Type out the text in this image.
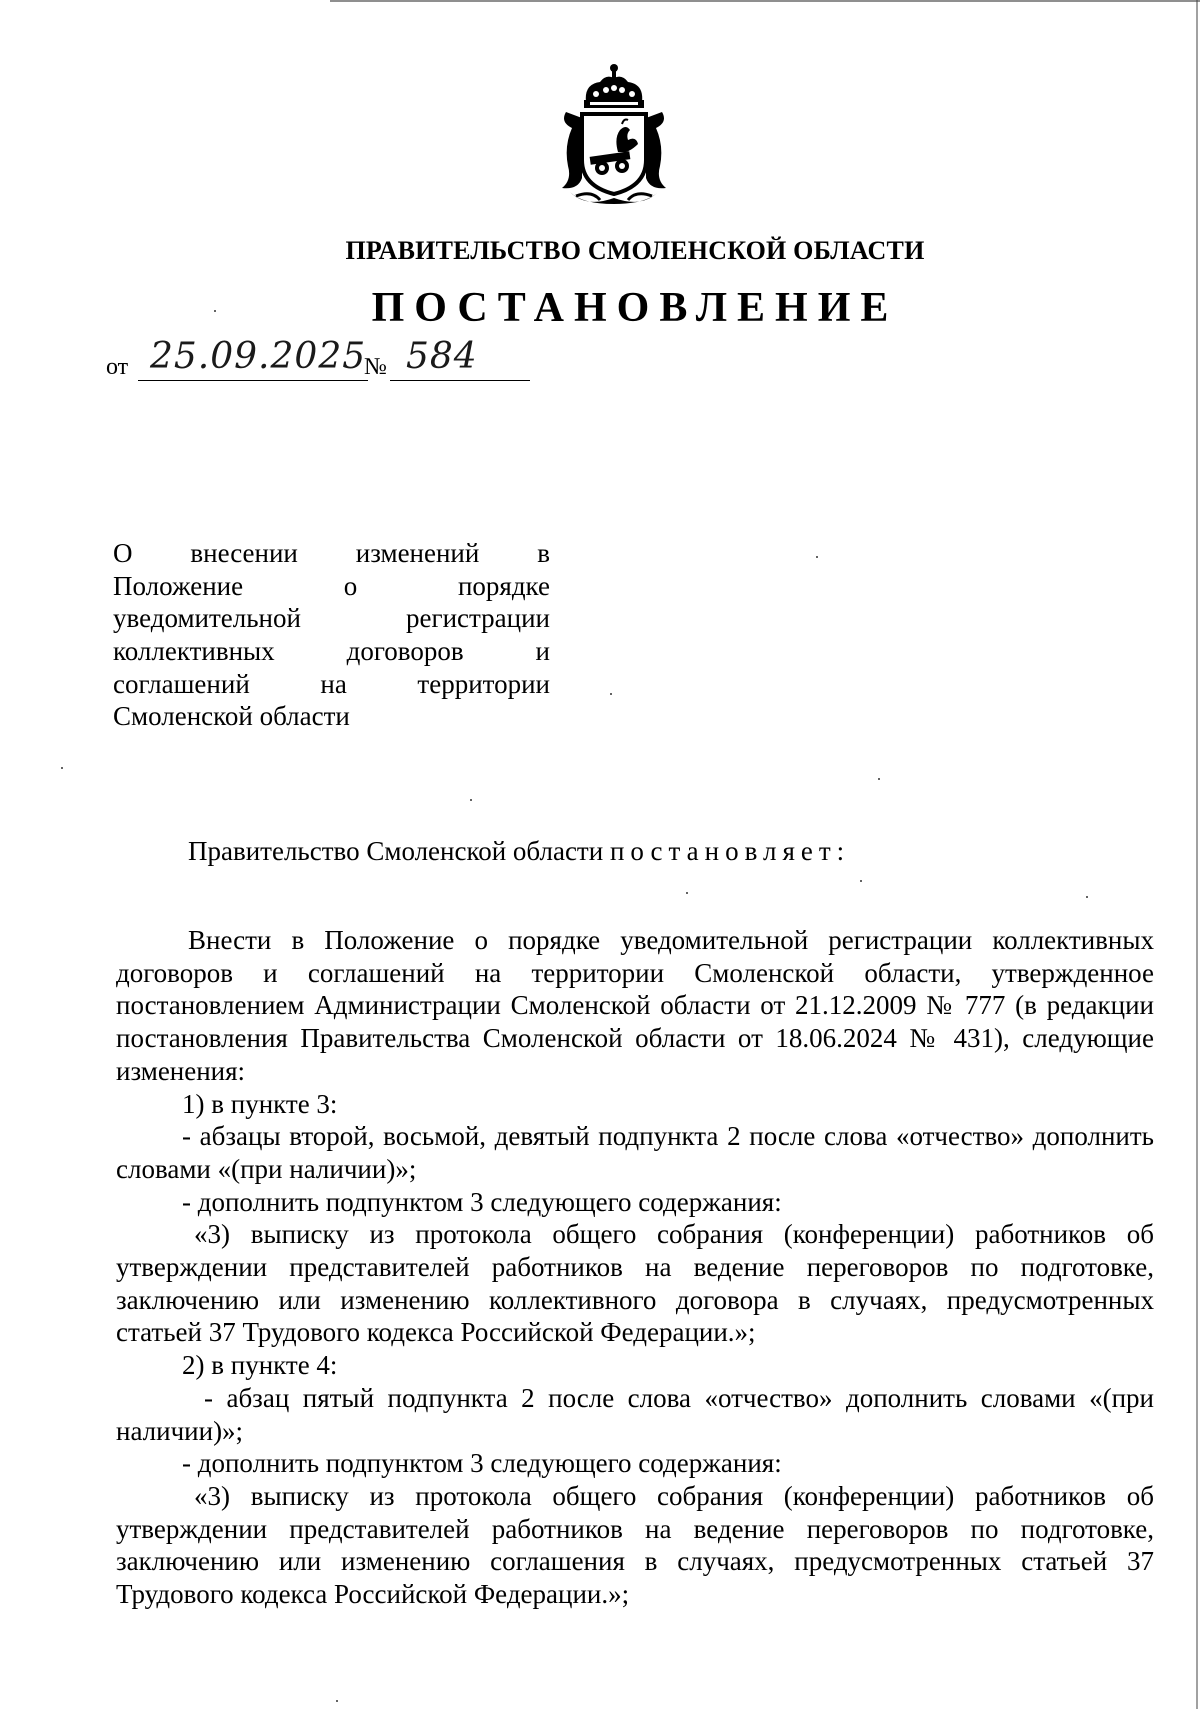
ПРАВИТЕЛЬСТВО СМОЛЕНСКОЙ ОБЛАСТИ
ПОСТАНОВЛЕНИЕ
от 25.09.2025
№ 584
О внесении изменений в
Положение	о	порядке
уведомительной	регистрации
коллективных	договоров	и
соглашений	на	территории
Смоленской области
Правительство Смоленской области постановляет:

Внести в Положение о порядке уведомительной регистрации коллективных договоров и соглашений на территории Смоленской области, утвержденное постановлением Администрации Смоленской области от 21.12.2009 № 777 (в редакции постановления Правительства Смоленской области от 18.06.2024 № 431), следующие изменения:

1) в пункте 3:

- абзацы второй, восьмой, девятый подпункта 2 после слова «отчество» дополнить словами «(при наличии)»;

- дополнить подпунктом 3 следующего содержания:

«3) выписку из протокола общего собрания (конференции) работников об утверждении представителей работников на ведение переговоров по подготовке, заключению или изменению коллективного договора в случаях, предусмотренных статьей 37 Трудового кодекса Российской Федерации.»;

2) в пункте 4:

- абзац пятый подпункта 2 после слова «отчество» дополнить словами «(при наличии)»;

- дополнить подпунктом 3 следующего содержания:

«3) выписку из протокола общего собрания (конференции) работников об утверждении представителей работников на ведение переговоров по подготовке, заключению или изменению соглашения в случаях, предусмотренных статьей 37 Трудового кодекса Российской Федерации.»;
